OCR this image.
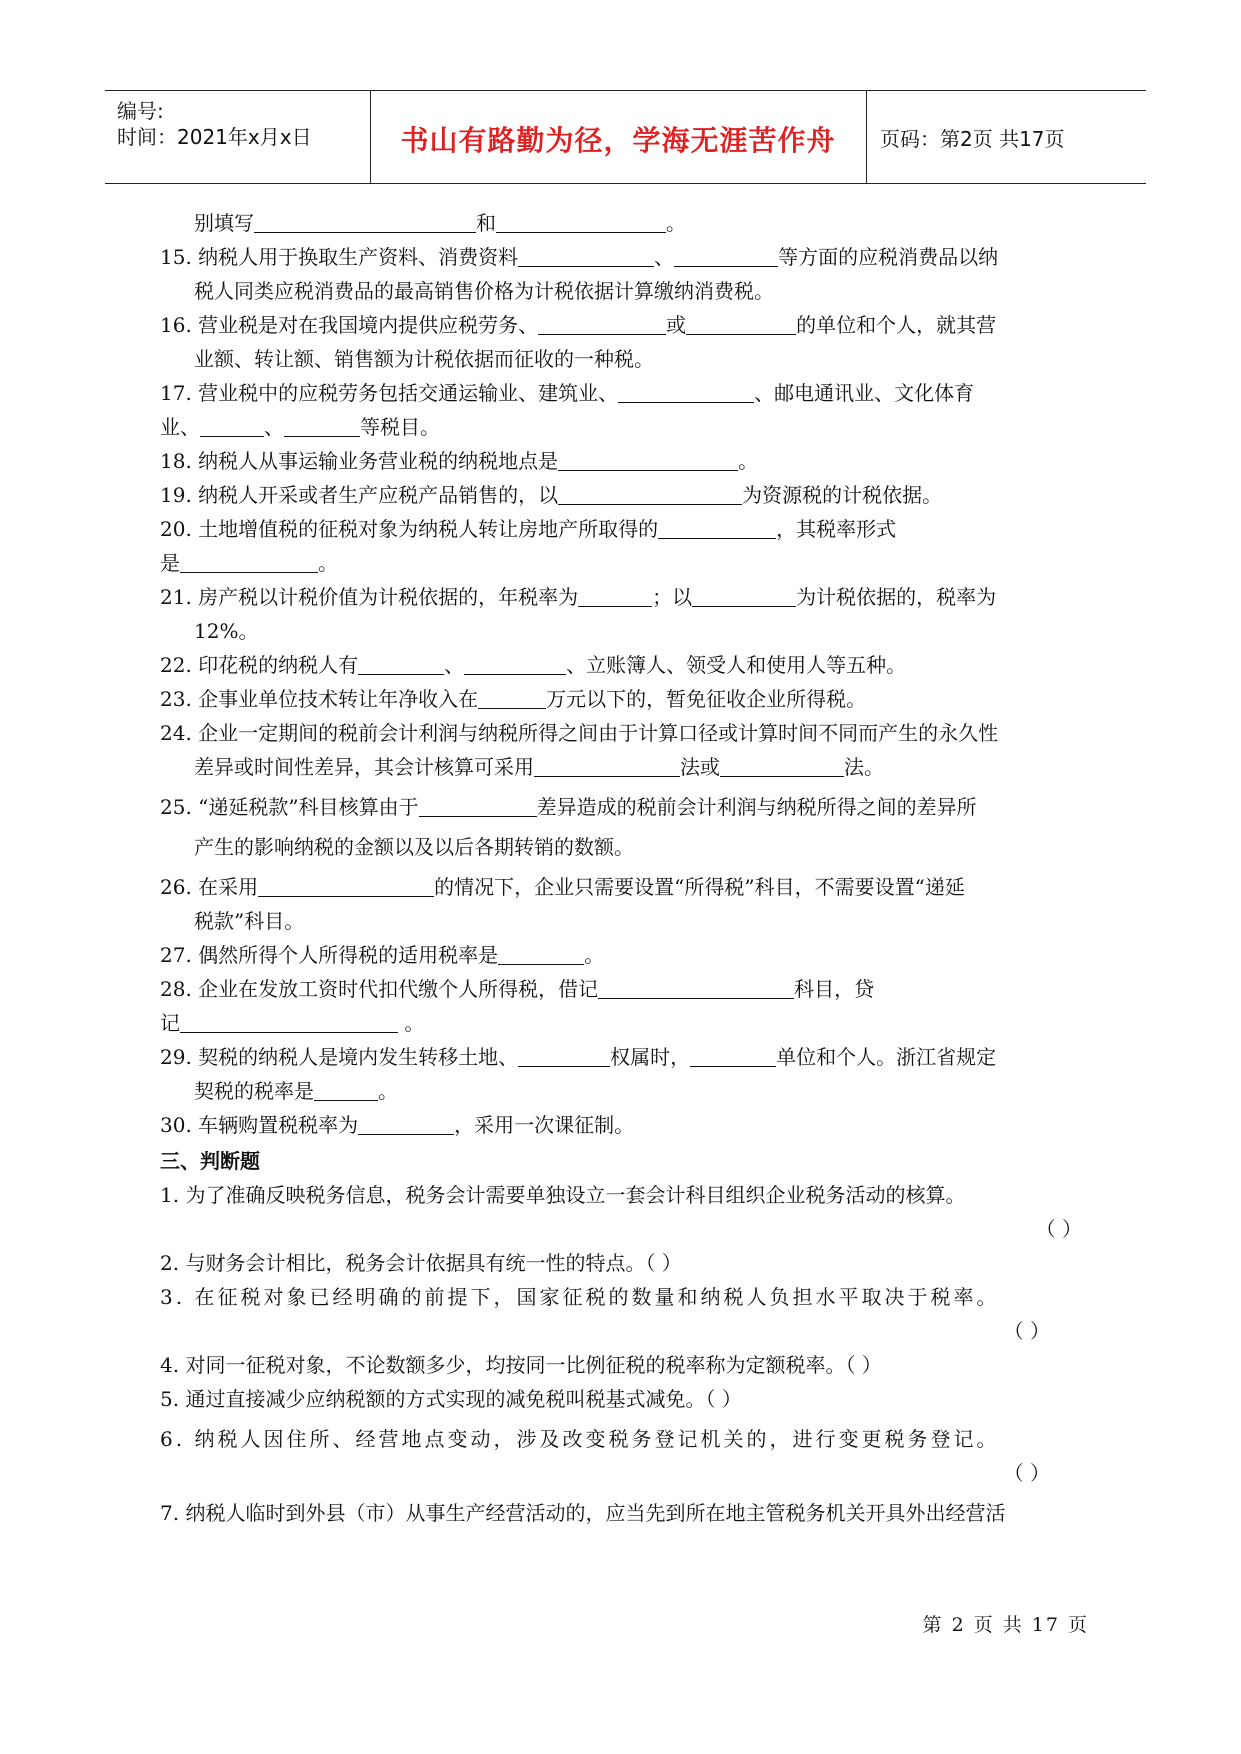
编号:
时间：2021年x月x日	书山有路勤为径，学海无涯苦作舟	页码：第2页 共17页
别填写	和	。
15. 纳税人用于换取生产资料、消费资料	、	等方面的应税消费品以纳
税人同类应税消费品的最高销售价格为计税依据计算缴纳消费税。
16. 营业税是对在我国境内提供应税劳务、	或	的单位和个人，就其营
业额、转让额、销售额为计税依据而征收的一种税。
17. 营业税中的应税劳务包括交通运输业、建筑业、	、邮电通讯业、文化体育
业、	、	等税目。
18. 纳税人从事运输业务营业税的纳税地点是	。
19. 纳税人开采或者生产应税产品销售的，以	为资源税的计税依据。
20. 土地增值税的征税对象为纳税人转让房地产所取得的	，其税率形式
是	。
21. 房产税以计税价值为计税依据的，年税率为	；以	为计税依据的，税率为
12%。
22. 印花税的纳税人有	、	、立账簿人、领受人和使用人等五种。
23. 企事业单位技术转让年净收入在	万元以下的，暂免征收企业所得税。
24. 企业一定期间的税前会计利润与纳税所得之间由于计算口径或计算时间不同而产生的永久性
差异或时间性差异，其会计核算可采用	法或	法。
25. “递延税款”科目核算由于	差异造成的税前会计利润与纳税所得之间的差异所
产生的影响纳税的金额以及以后各期转销的数额。
26. 在采用	的情况下，企业只需要设置“所得税”科目，不需要设置“递延
税款”科目。
27. 偶然所得个人所得税的适用税率是	。
28. 企业在发放工资时代扣代缴个人所得税，借记	科目，贷
记	。
29. 契税的纳税人是境内发生转移土地、	权属时，	单位和个人。浙江省规定
契税的税率是	。
30. 车辆购置税税率为	，采用一次课征制。
三、判断题
1. 为了准确反映税务信息，税务会计需要单独设立一套会计科目组织企业税务活动的核算。
（ ）
2. 与财务会计相比，税务会计依据具有统一性的特点。（ ）
3. 在征税对象已经明确的前提下，国家征税的数量和纳税人负担水平取决于税率。
（ ）
4. 对同一征税对象，不论数额多少，均按同一比例征税的税率称为定额税率。（ ）
5. 通过直接减少应纳税额的方式实现的减免税叫税基式减免。（ ）
6. 纳税人因住所、经营地点变动，涉及改变税务登记机关的，进行变更税务登记。
（ ）
7. 纳税人临时到外县（市）从事生产经营活动的，应当先到所在地主管税务机关开具外出经营活
第 2 页 共 17 页
